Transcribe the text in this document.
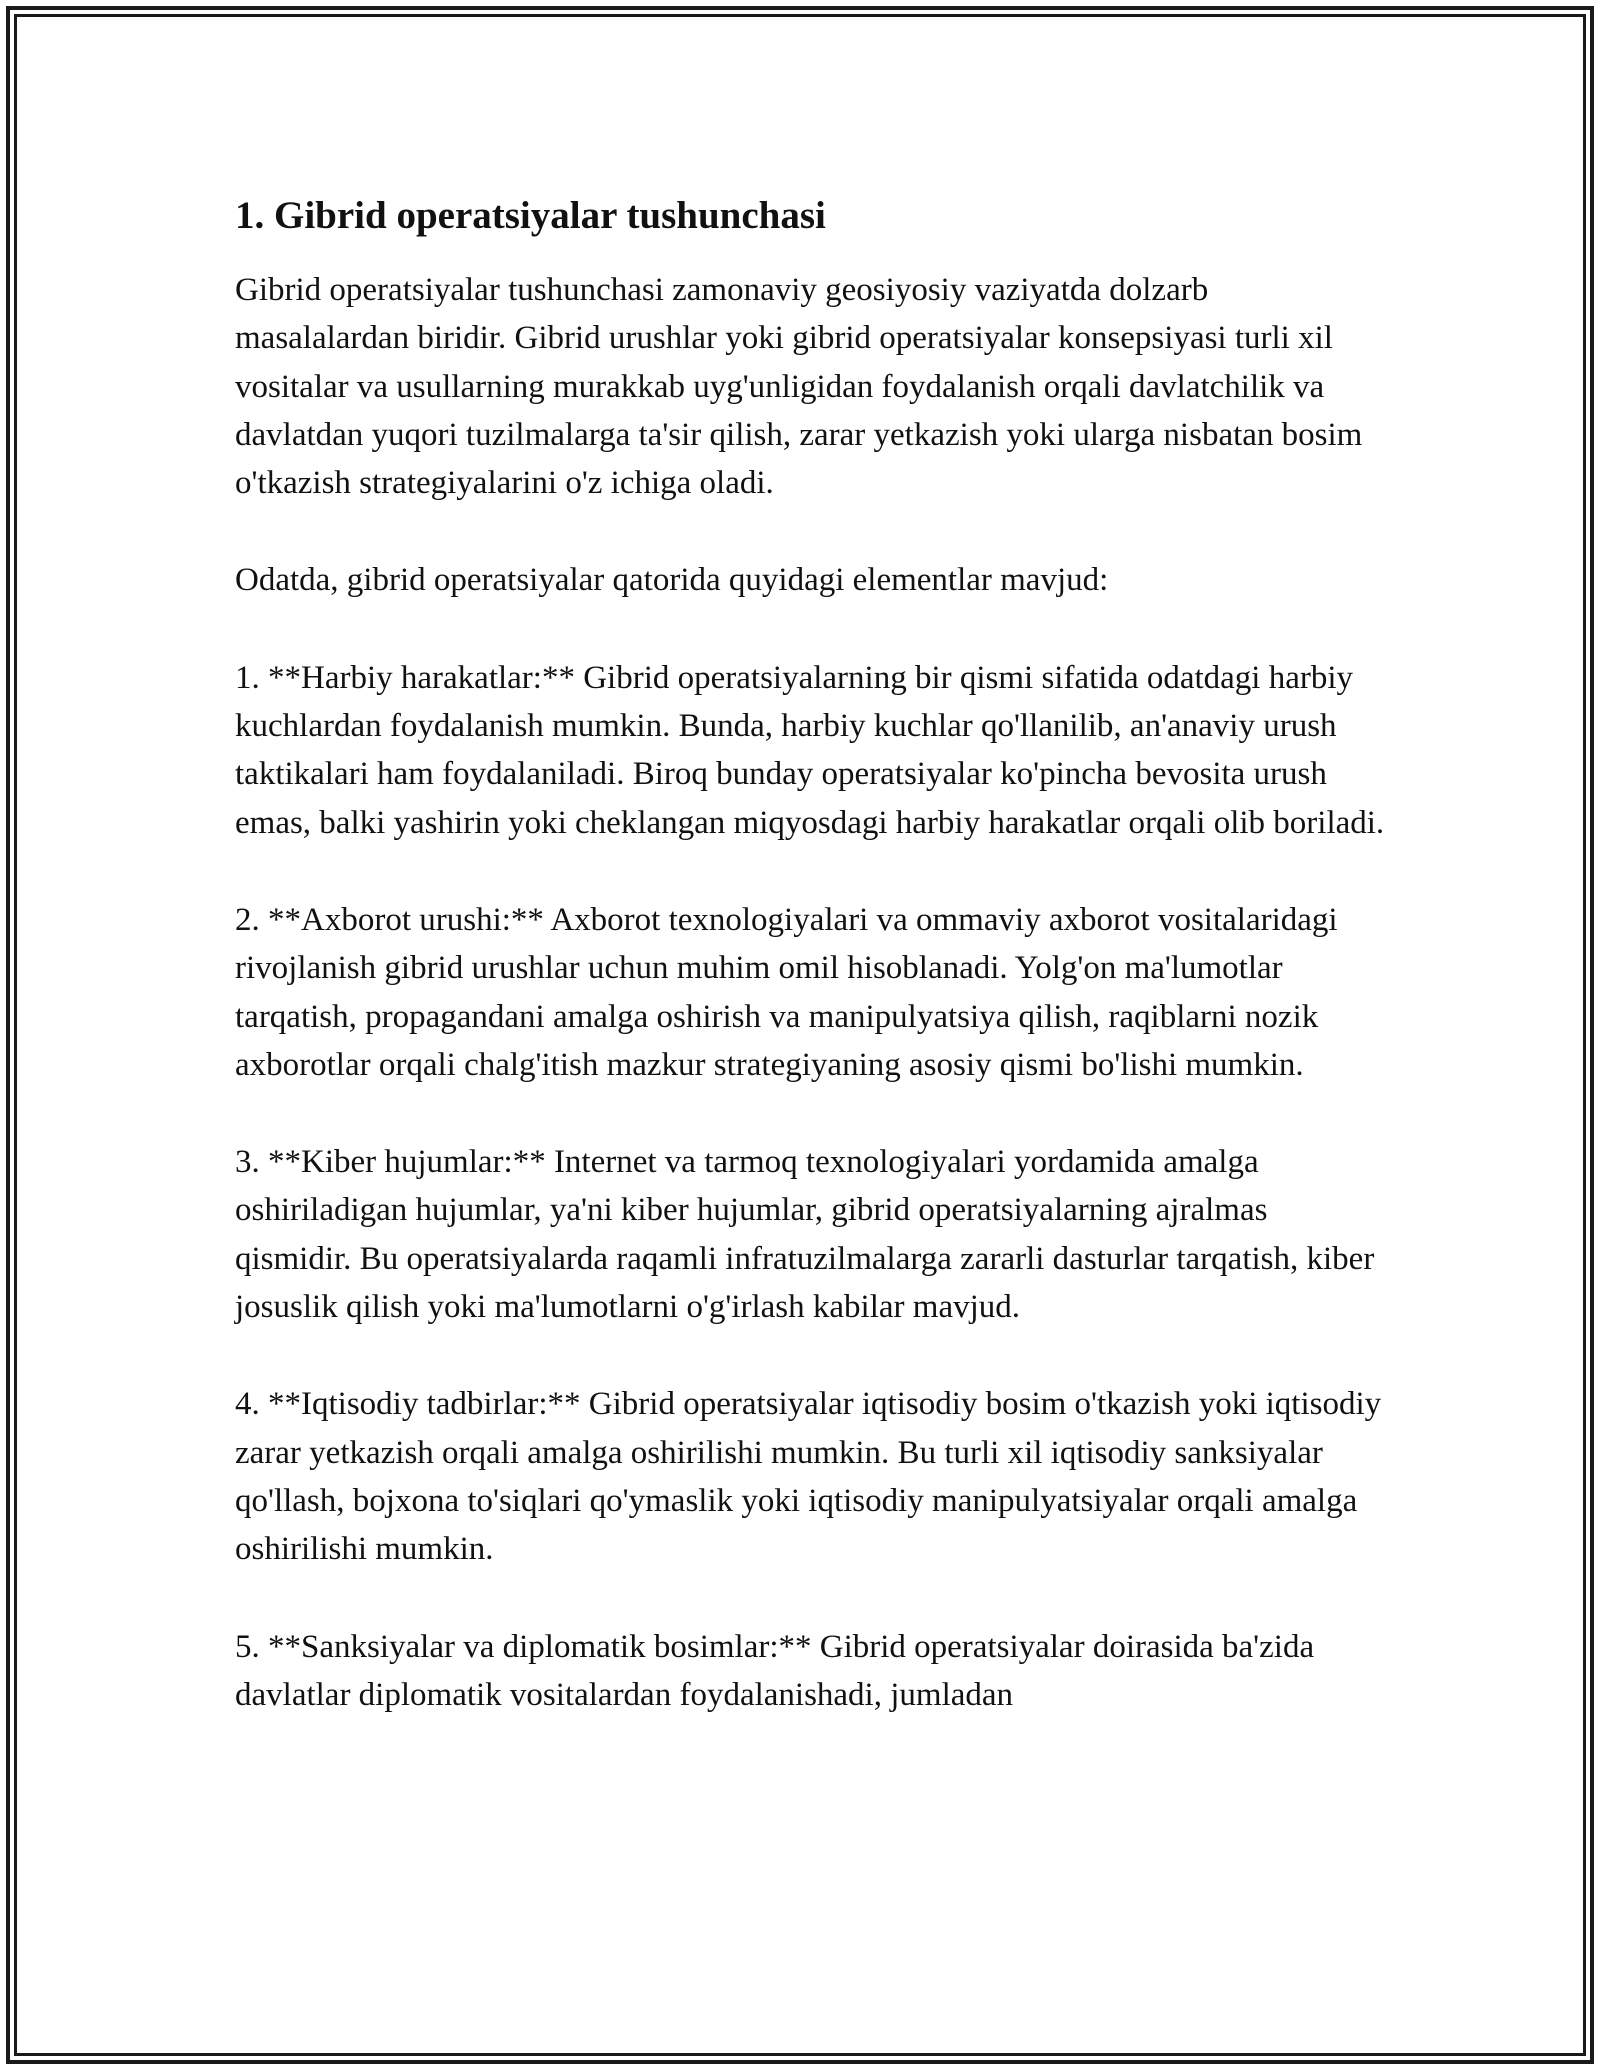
1. Gibrid operatsiyalar tushunchasi

Gibrid operatsiyalar tushunchasi zamonaviy geosiyosiy vaziyatda dolzarb masalalardan biridir. Gibrid urushlar yoki gibrid operatsiyalar konsepsiyasi turli xil vositalar va usullarning murakkab uyg'unligidan foydalanish orqali davlatchilik va davlatdan yuqori tuzilmalarga ta'sir qilish, zarar yetkazish yoki ularga nisbatan bosim o'tkazish strategiyalarini o'z ichiga oladi.

Odatda, gibrid operatsiyalar qatorida quyidagi elementlar mavjud:

1. **Harbiy harakatlar:** Gibrid operatsiyalarning bir qismi sifatida odatdagi harbiy kuchlardan foydalanish mumkin. Bunda, harbiy kuchlar qo'llanilib, an'anaviy urush taktikalari ham foydalaniladi. Biroq bunday operatsiyalar ko'pincha bevosita urush emas, balki yashirin yoki cheklangan miqyosdagi harbiy harakatlar orqali olib boriladi.

2. **Axborot urushi:** Axborot texnologiyalari va ommaviy axborot vositalaridagi rivojlanish gibrid urushlar uchun muhim omil hisoblanadi. Yolg'on ma'lumotlar tarqatish, propagandani amalga oshirish va manipulyatsiya qilish, raqiblarni nozik axborotlar orqali chalg'itish mazkur strategiyaning asosiy qismi bo'lishi mumkin.

3. **Kiber hujumlar:** Internet va tarmoq texnologiyalari yordamida amalga oshiriladigan hujumlar, ya'ni kiber hujumlar, gibrid operatsiyalarning ajralmas qismidir. Bu operatsiyalarda raqamli infratuzilmalarga zararli dasturlar tarqatish, kiber josuslik qilish yoki ma'lumotlarni o'g'irlash kabilar mavjud.

4. **Iqtisodiy tadbirlar:** Gibrid operatsiyalar iqtisodiy bosim o'tkazish yoki iqtisodiy zarar yetkazish orqali amalga oshirilishi mumkin. Bu turli xil iqtisodiy sanksiyalar qo'llash, bojxona to'siqlari qo'ymaslik yoki iqtisodiy manipulyatsiyalar orqali amalga oshirilishi mumkin.

5. **Sanksiyalar va diplomatik bosimlar:** Gibrid operatsiyalar doirasida ba'zida davlatlar diplomatik vositalardan foydalanishadi, jumladan
